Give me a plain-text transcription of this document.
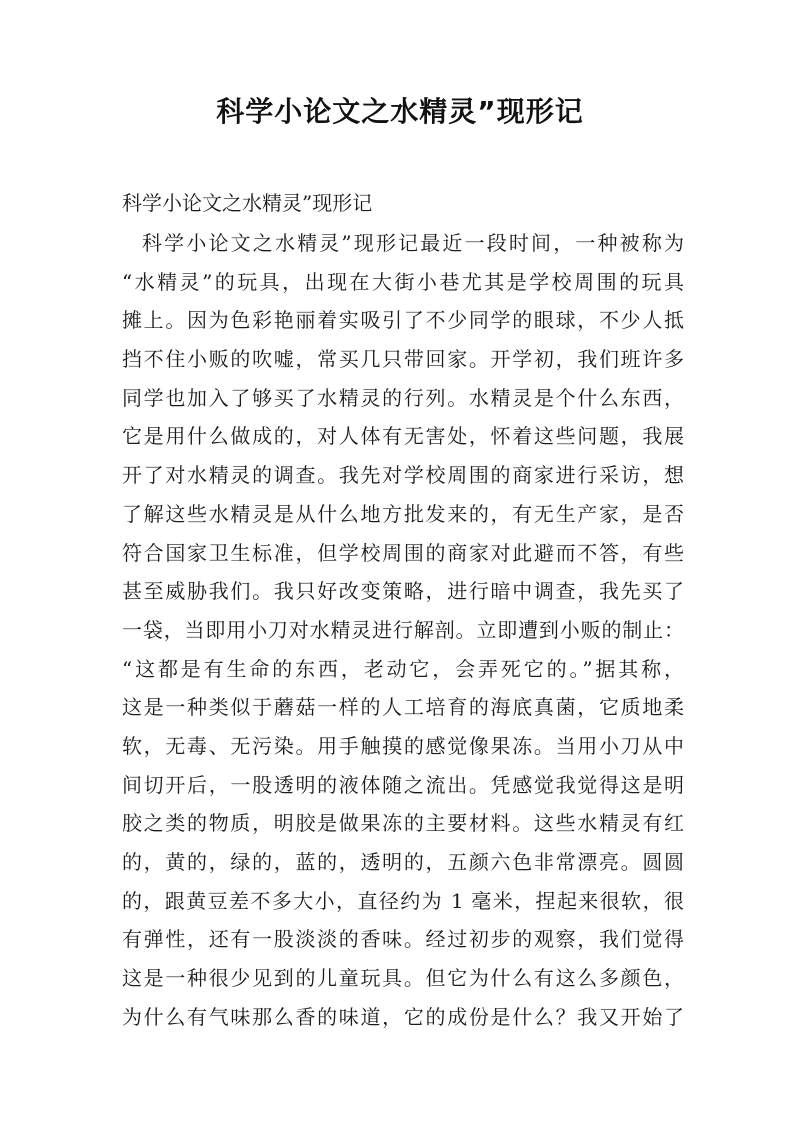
科学小论文之水精灵”现形记
科学小论文之水精灵”现形记
科学小论文之水精灵”现形记最近一段时间，一种被称为
“水精灵”的玩具，出现在大街小巷尤其是学校周围的玩具
摊上。因为色彩艳丽着实吸引了不少同学的眼球，不少人抵
挡不住小贩的吹嘘，常买几只带回家。开学初，我们班许多
同学也加入了够买了水精灵的行列。水精灵是个什么东西，
它是用什么做成的，对人体有无害处，怀着这些问题，我展
开了对水精灵的调查。我先对学校周围的商家进行采访，想
了解这些水精灵是从什么地方批发来的，有无生产家，是否
符合国家卫生标准，但学校周围的商家对此避而不答，有些
甚至威胁我们。我只好改变策略，进行暗中调查，我先买了
一袋，当即用小刀对水精灵进行解剖。立即遭到小贩的制止：
“这都是有生命的东西，老动它，会弄死它的。”据其称，
这是一种类似于蘑菇一样的人工培育的海底真菌，它质地柔
软，无毒、无污染。用手触摸的感觉像果冻。当用小刀从中
间切开后，一股透明的液体随之流出。凭感觉我觉得这是明
胶之类的物质，明胶是做果冻的主要材料。这些水精灵有红
的，黄的，绿的，蓝的，透明的，五颜六色非常漂亮。圆圆
的，跟黄豆差不多大小，直径约为 1 毫米，捏起来很软，很
有弹性，还有一股淡淡的香味。经过初步的观察，我们觉得
这是一种很少见到的儿童玩具。但它为什么有这么多颜色，
为什么有气味那么香的味道，它的成份是什么？我又开始了
